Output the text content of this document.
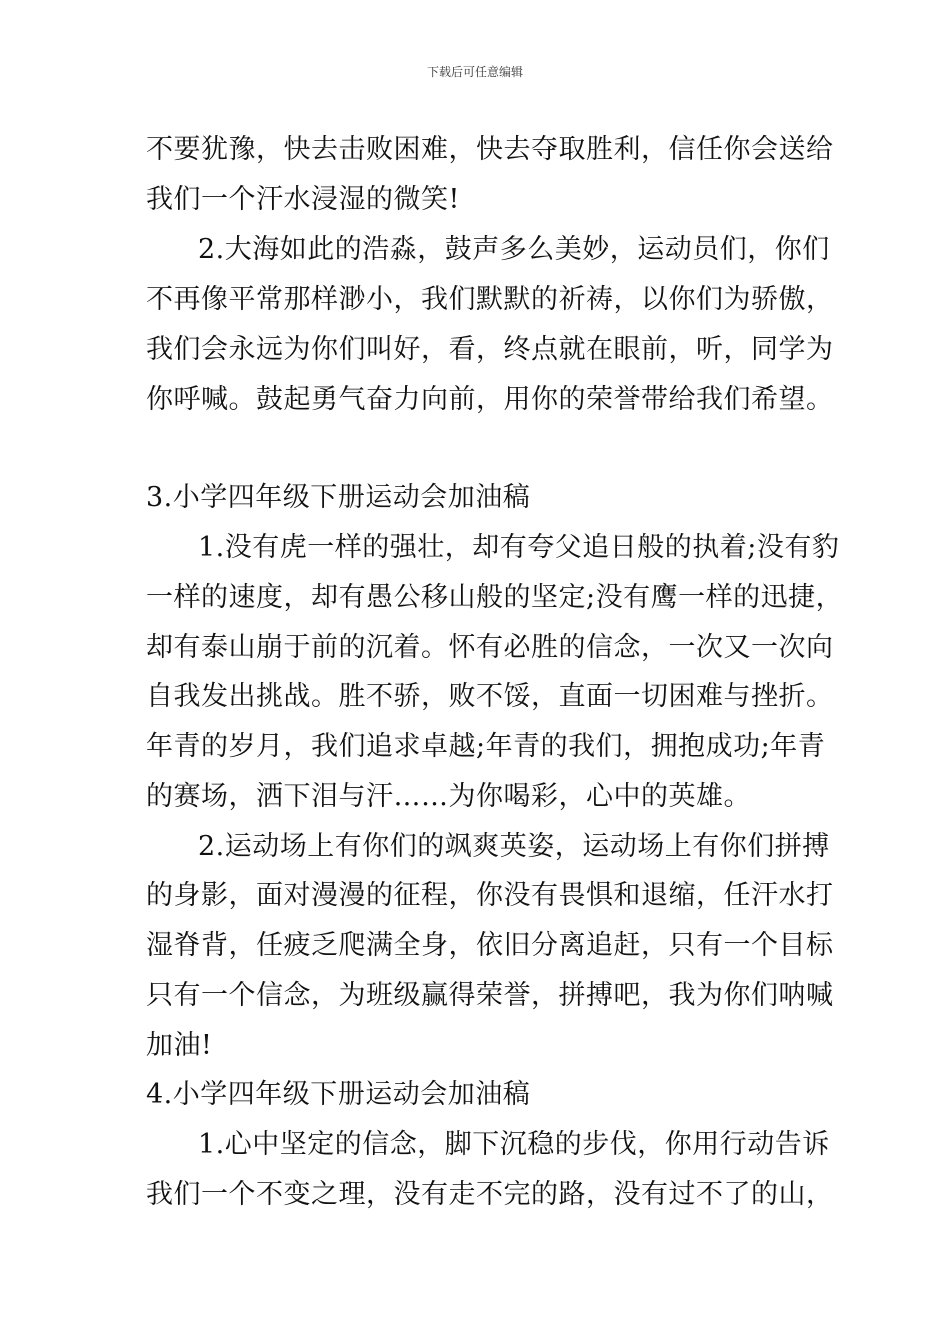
下载后可任意编辑
不要犹豫，快去击败困难，快去夺取胜利，信任你会送给
我们一个汗水浸湿的微笑!
2.大海如此的浩淼，鼓声多么美妙，运动员们，你们
不再像平常那样渺小，我们默默的祈祷，以你们为骄傲，
我们会永远为你们叫好，看，终点就在眼前，听，同学为
你呼喊。鼓起勇气奋力向前，用你的荣誉带给我们希望。
3.小学四年级下册运动会加油稿
1.没有虎一样的强壮，却有夸父追日般的执着;没有豹
一样的速度，却有愚公移山般的坚定;没有鹰一样的迅捷，
却有泰山崩于前的沉着。怀有必胜的信念，一次又一次向
自我发出挑战。胜不骄，败不馁，直面一切困难与挫折。
年青的岁月，我们追求卓越;年青的我们，拥抱成功;年青
的赛场，洒下泪与汗……为你喝彩，心中的英雄。
2.运动场上有你们的飒爽英姿，运动场上有你们拼搏
的身影，面对漫漫的征程，你没有畏惧和退缩，任汗水打
湿脊背，任疲乏爬满全身，依旧分离追赶，只有一个目标
只有一个信念，为班级赢得荣誉，拼搏吧，我为你们呐喊
加油!
4.小学四年级下册运动会加油稿
1.心中坚定的信念，脚下沉稳的步伐，你用行动告诉
我们一个不变之理，没有走不完的路，没有过不了的山，
